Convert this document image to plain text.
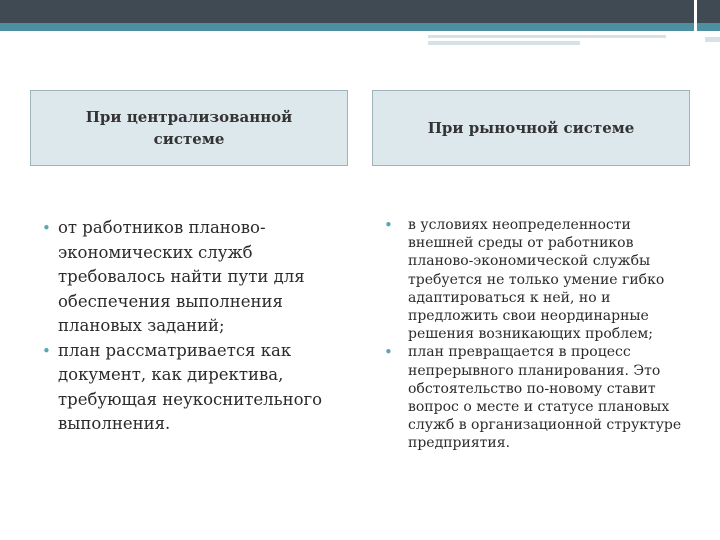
При централизованной системе
При рыночной системе
• от работников планово-экономических служб требовалось найти пути для обеспечения выполнения плановых заданий;
• план рассматривается как документ, как директива, требующая неукоснительного выполнения.
• в условиях неопределенности внешней среды от работников планово-экономической службы требуется не только умение гибко адаптироваться к ней, но и предложить свои неординарные решения возникающих проблем;
• план превращается в процесс непрерывного планирования. Это обстоятельство по-новому ставит вопрос о месте и статусе плановых служб в организационной структуре предприятия.
